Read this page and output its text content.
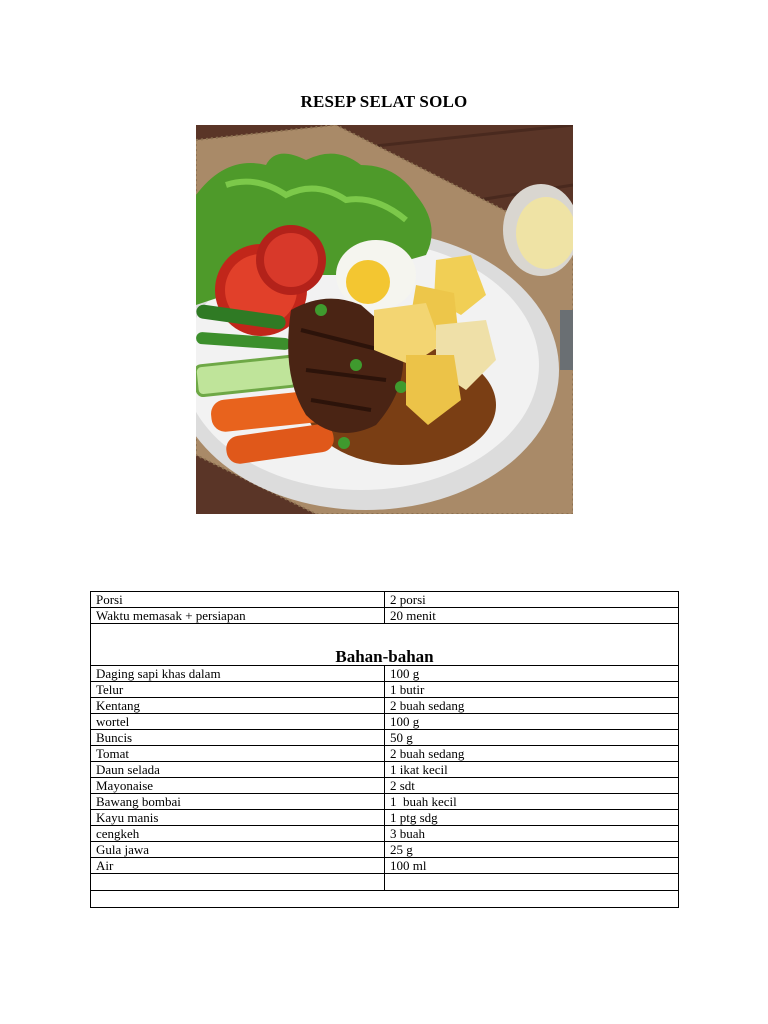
RESEP SELAT SOLO
Porsi	2 porsi
Waktu memasak + persiapan	20 menit
Bahan-bahan	
Daging sapi khas dalam	100 g
Telur	1 butir
Kentang	2 buah sedang
wortel	100 g
Buncis	50 g
Tomat	2 buah sedang
Daun selada	1 ikat kecil
Mayonaise	2 sdt
Bawang bombai	1  buah kecil
Kayu manis	1 ptg sdg
cengkeh	3 buah
Gula jawa	25 g
Air	100 ml
